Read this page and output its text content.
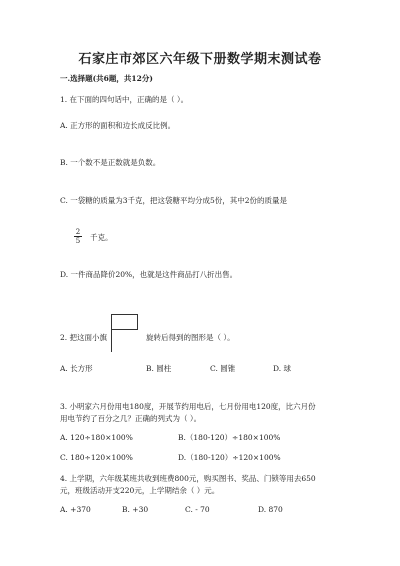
石家庄市郊区六年级下册数学期末测试卷
一.选择题(共6题，共12分)
1. 在下面的四句话中，正确的是（ ）。
A. 正方形的面积和边长成反比例。
B. 一个数不是正数就是负数。
C. 一袋糖的质量为3千克，把这袋糖平均分成5份，其中2份的质量是
$\frac{2}{5}$ 千克。
D. 一件商品降价20%，也就是这件商品打八折出售。
2. 把这面小旗	旋转后得到的图形是（ ）。
A. 长方形	B. 圆柱	C. 圆锥	D. 球
3. 小明家六月份用电180度，开展节约用电后，七月份用电120度，比六月份
用电节约了百分之几？正确的列式为（ ）。
A. 120÷180×100%	B.（180-120）÷180×100%
C. 180÷120×100%	D.（180-120）÷120×100%
4. 上学期，六年级某班共收到班费800元，购买图书、奖品、门锁等用去650
元，班级活动开支220元，上学期结余（ ）元。
A. +370	B. +30	C. - 70	D. 870
